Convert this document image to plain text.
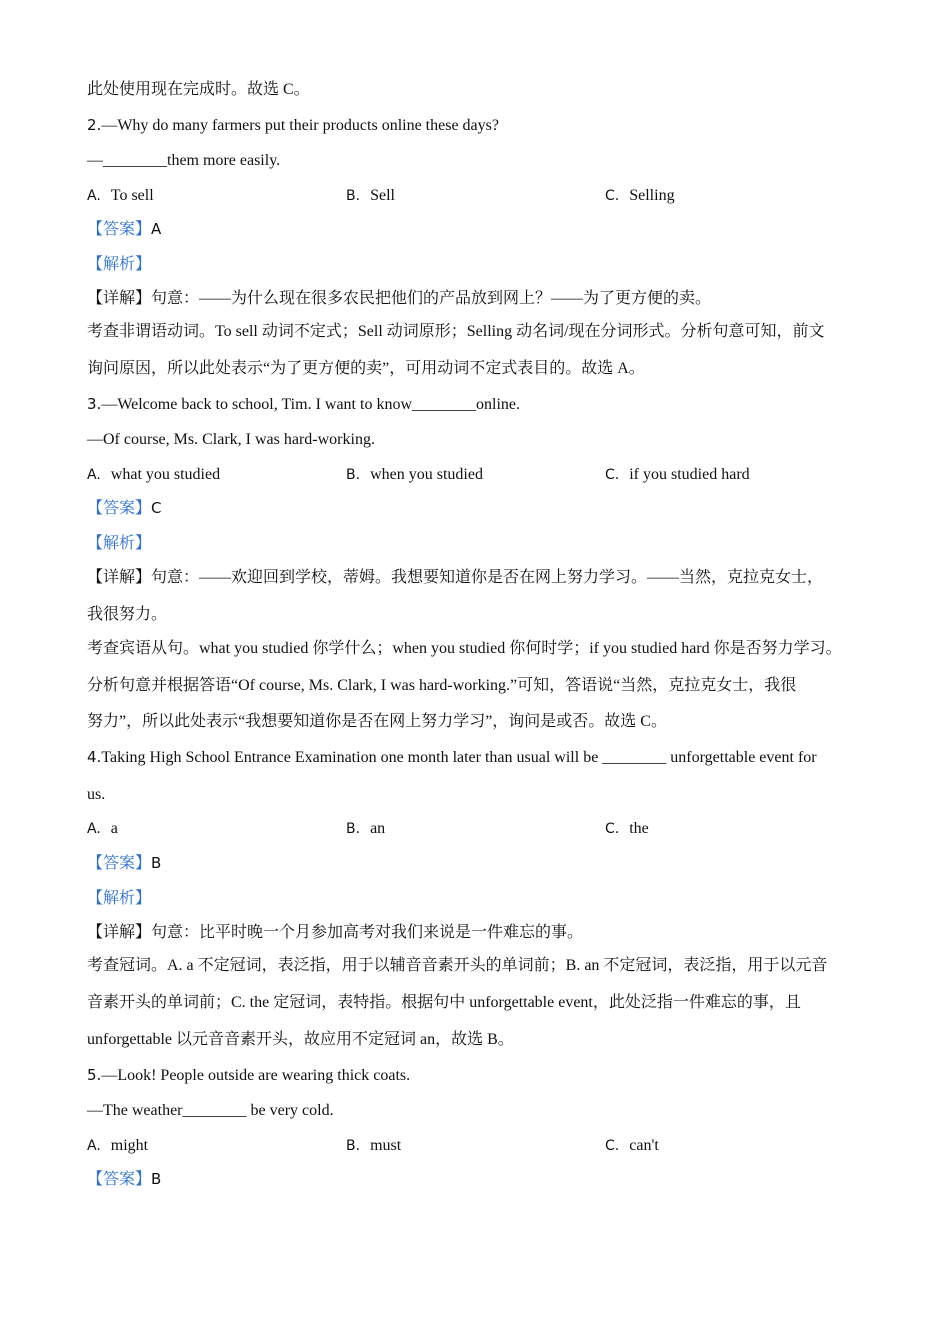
此处使用现在完成时。故选 C。
2.—Why do many farmers put their products online these days?
—________them more easily.
A. To sell	B. Sell	C. Selling
【答案】A
【解析】
【详解】句意：——为什么现在很多农民把他们的产品放到网上？——为了更方便的卖。
考查非谓语动词。To sell 动词不定式；Sell 动词原形；Selling 动名词/现在分词形式。分析句意可知，前文
询问原因，所以此处表示“为了更方便的卖”，可用动词不定式表目的。故选 A。
3.—Welcome back to school, Tim. I want to know________online.
—Of course, Ms. Clark, I was hard-working.
A. what you studied	B. when you studied	C. if you studied hard
【答案】C
【解析】
【详解】句意：——欢迎回到学校，蒂姆。我想要知道你是否在网上努力学习。——当然，克拉克女士，
我很努力。
考查宾语从句。what you studied 你学什么；when you studied 你何时学；if you studied hard 你是否努力学习。
分析句意并根据答语“Of course, Ms. Clark, I was hard-working.”可知，答语说“当然，克拉克女士，我很
努力”，所以此处表示“我想要知道你是否在网上努力学习”，询问是或否。故选 C。
4.Taking High School Entrance Examination one month later than usual will be ________ unforgettable event for
us.
A. a	B. an	C. the
【答案】B
【解析】
【详解】句意：比平时晚一个月参加高考对我们来说是一件难忘的事。
考查冠词。A. a 不定冠词，表泛指，用于以辅音音素开头的单词前；B. an 不定冠词，表泛指，用于以元音
音素开头的单词前；C. the 定冠词，表特指。根据句中 unforgettable event，此处泛指一件难忘的事，且
unforgettable 以元音音素开头，故应用不定冠词 an，故选 B。
5.—Look! People outside are wearing thick coats.
—The weather________ be very cold.
A. might	B. must	C. can't
【答案】B
